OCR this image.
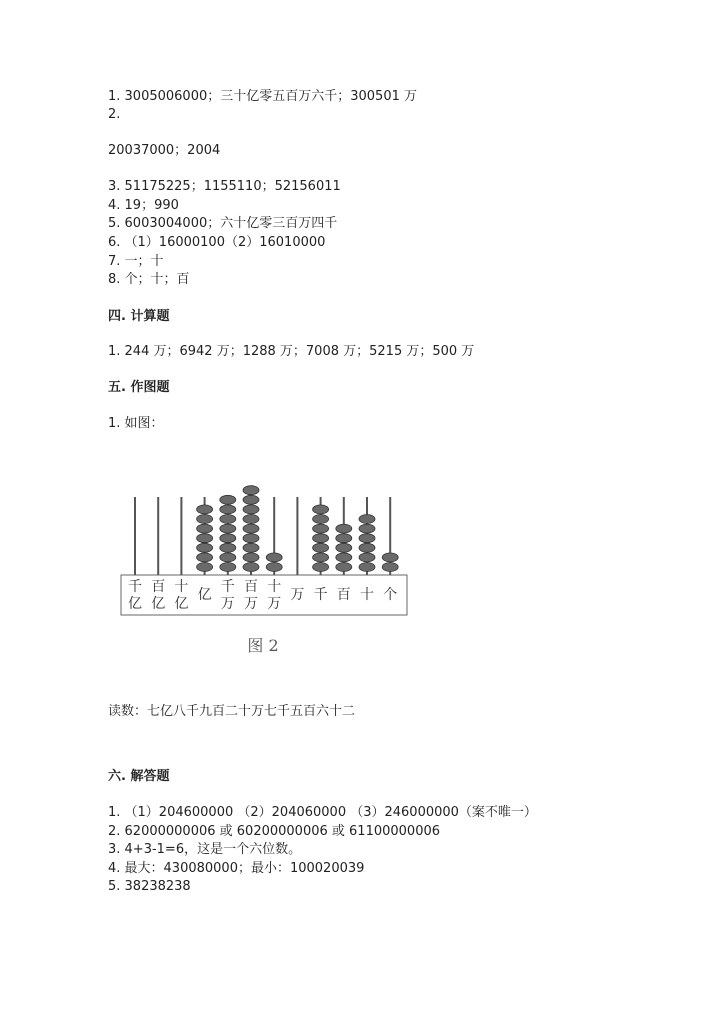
1. 3005006000；三十亿零五百万六千；300501 万
2.
20037000；2004
3. 51175225；1155110；52156011
4. 19；990
5. 6003004000；六十亿零三百万四千
6. （1）16000100（2）16010000
7. 一；十
8. 个；十；百
四. 计算题
1. 244 万；6942 万；1288 万；7008 万；5215 万；500 万
五. 作图题
1. 如图：
千
亿
百
亿
十
亿
亿 千
万
百
万
十
万
万 千 百 十 个
图 2
读数：七亿八千九百二十万七千五百六十二
六. 解答题
1. （1）204600000 （2）204060000 （3）246000000（案不唯一）
2. 62000000006 或 60200000006 或 61100000006
3. 4+3-1=6，这是一个六位数。
4. 最大：430080000；最小：100020039
5. 38238238
